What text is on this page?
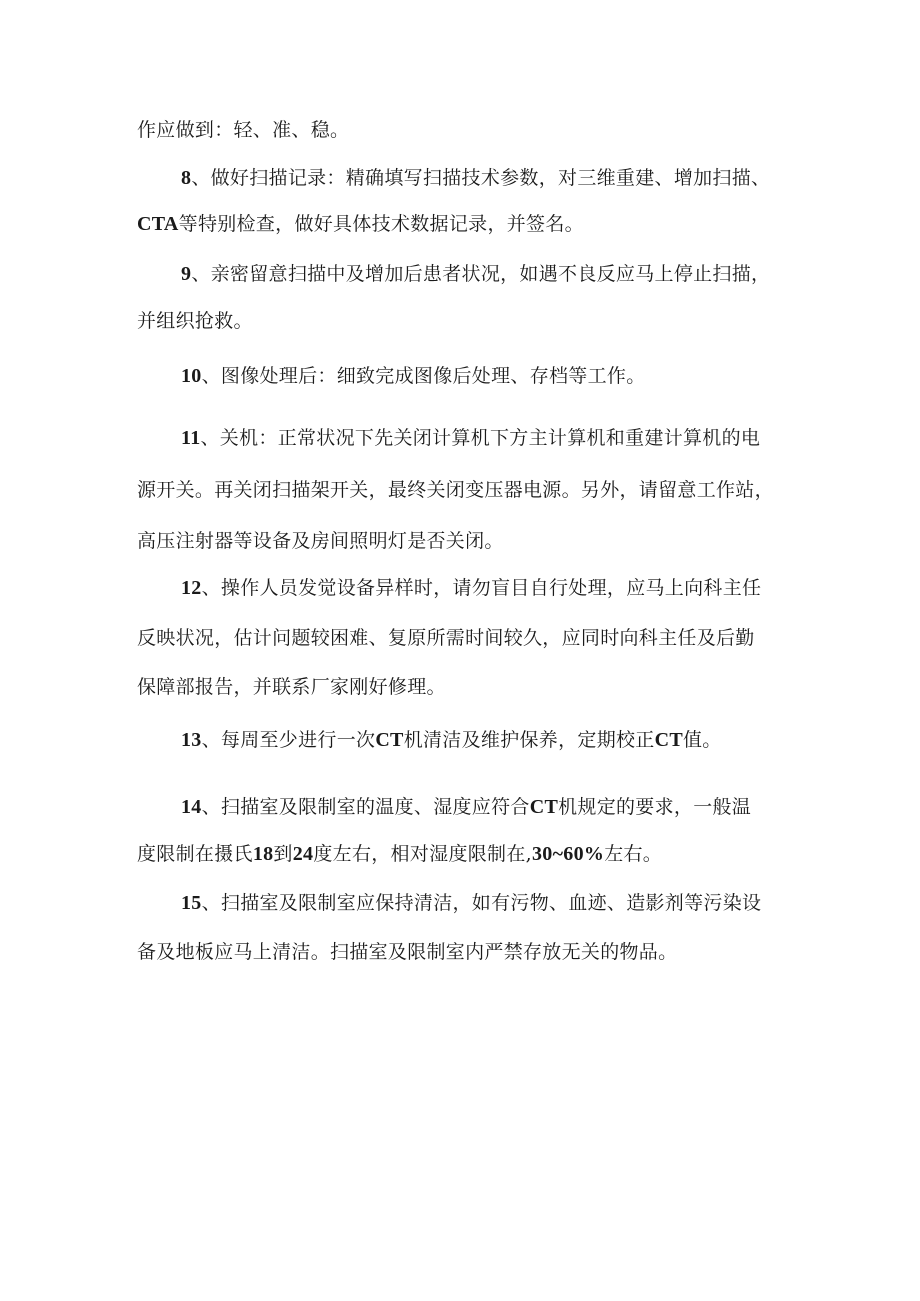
作应做到：轻、准、稳。
8、做好扫描记录：精确填写扫描技术参数，对三维重建、增加扫描、
CTA等特别检查，做好具体技术数据记录，并签名。
9、亲密留意扫描中及增加后患者状况，如遇不良反应马上停止扫描，
并组织抢救。
10、图像处理后：细致完成图像后处理、存档等工作。
11、关机：正常状况下先关闭计算机下方主计算机和重建计算机的电
源开关。再关闭扫描架开关，最终关闭变压器电源。另外，请留意工作站，
高压注射器等设备及房间照明灯是否关闭。
12、操作人员发觉设备异样时，请勿盲目自行处理，应马上向科主任
反映状况，估计问题较困难、复原所需时间较久，应同时向科主任及后勤
保障部报告，并联系厂家刚好修理。
13、每周至少进行一次CT机清洁及维护保养，定期校正CT值。
14、扫描室及限制室的温度、湿度应符合CT机规定的要求，一般温
度限制在摄氏18到24度左右，相对湿度限制在,30~60%左右。
15、扫描室及限制室应保持清洁，如有污物、血迹、造影剂等污染设
备及地板应马上清洁。扫描室及限制室内严禁存放无关的物品。
